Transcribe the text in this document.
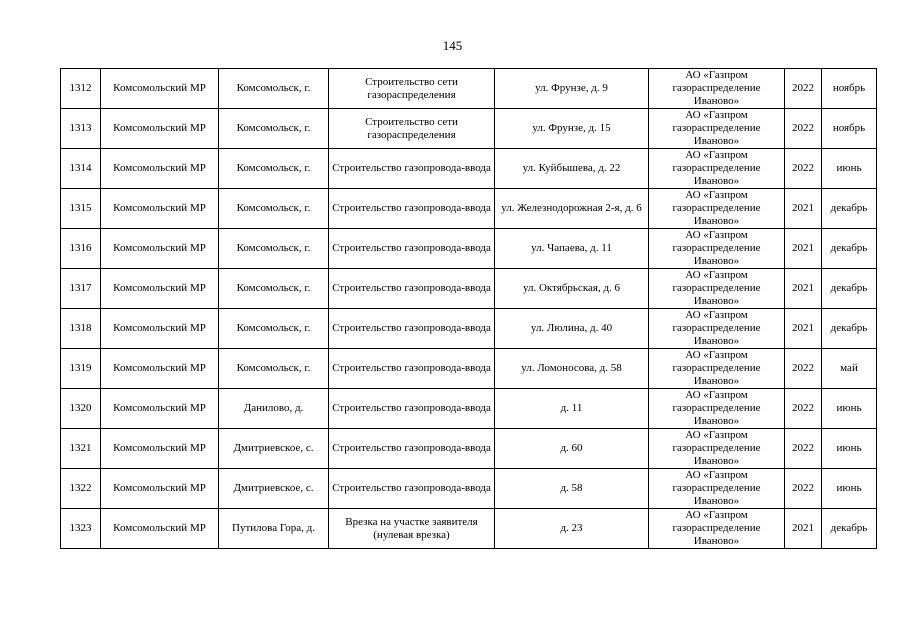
145
1312	Комсомольский МР	Комсомольск, г.	Строительство сети газораспределения	ул. Фрунзе, д. 9	АО «Газпром
газораспределение
Иваново»	2022	ноябрь
1313	Комсомольский МР	Комсомольск, г.	Строительство сети газораспределения	ул. Фрунзе, д. 15	АО «Газпром
газораспределение
Иваново»	2022	ноябрь
1314	Комсомольский МР	Комсомольск, г.	Строительство газопровода-ввода	ул. Куйбышева, д. 22	АО «Газпром
газораспределение
Иваново»	2022	июнь
1315	Комсомольский МР	Комсомольск, г.	Строительство газопровода-ввода	ул. Железнодорожная 2-я, д. 6	АО «Газпром
газораспределение
Иваново»	2021	декабрь
1316	Комсомольский МР	Комсомольск, г.	Строительство газопровода-ввода	ул. Чапаева, д. 11	АО «Газпром
газораспределение
Иваново»	2021	декабрь
1317	Комсомольский МР	Комсомольск, г.	Строительство газопровода-ввода	ул. Октябрьская, д. 6	АО «Газпром
газораспределение
Иваново»	2021	декабрь
1318	Комсомольский МР	Комсомольск, г.	Строительство газопровода-ввода	ул. Люлина, д. 40	АО «Газпром
газораспределение
Иваново»	2021	декабрь
1319	Комсомольский МР	Комсомольск, г.	Строительство газопровода-ввода	ул. Ломоносова, д. 58	АО «Газпром
газораспределение
Иваново»	2022	май
1320	Комсомольский МР	Данилово, д.	Строительство газопровода-ввода	д. 11	АО «Газпром
газораспределение
Иваново»	2022	июнь
1321	Комсомольский МР	Дмитриевское, с.	Строительство газопровода-ввода	д. 60	АО «Газпром
газораспределение
Иваново»	2022	июнь
1322	Комсомольский МР	Дмитриевское, с.	Строительство газопровода-ввода	д. 58	АО «Газпром
газораспределение
Иваново»	2022	июнь
1323	Комсомольский МР	Путилова Гора, д.	Врезка на участке заявителя (нулевая врезка)	д. 23	АО «Газпром
газораспределение
Иваново»	2021	декабрь
